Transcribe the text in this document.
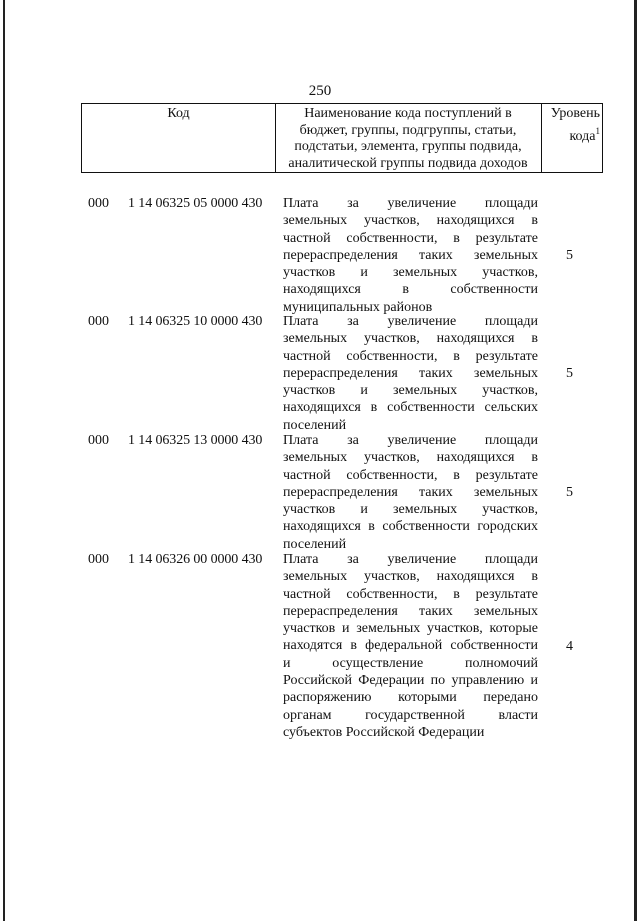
250
Код	Наименование кода поступлений в
бюджет, группы, подгруппы, статьи,
подстатьи, элемента, группы подвида,
аналитической группы подвида доходов
Уровень
кода$^1$
000 1 14 06325 05 0000 430 Плата за увеличение площади
земельных участков, находящихся в
частной собственности, в результате
перераспределения таких земельных
участков и земельных участков,
находящихся в собственности
муниципальных районов
5
000 1 14 06325 10 0000 430 Плата за увеличение площади
земельных участков, находящихся в
частной собственности, в результате
перераспределения таких земельных
участков и земельных участков,
находящихся в собственности сельских
поселений
5
000 1 14 06325 13 0000 430 Плата за увеличение площади
земельных участков, находящихся в
частной собственности, в результате
перераспределения таких земельных
участков и земельных участков,
находящихся в собственности городских
поселений
5
000 1 14 06326 00 0000 430 Плата за увеличение площади
земельных участков, находящихся в
частной собственности, в результате
перераспределения таких земельных
участков и земельных участков, которые
находятся в федеральной собственности
и осуществление полномочий
Российской Федерации по управлению и
распоряжению которыми передано
органам государственной власти
субъектов Российской Федерации
4
